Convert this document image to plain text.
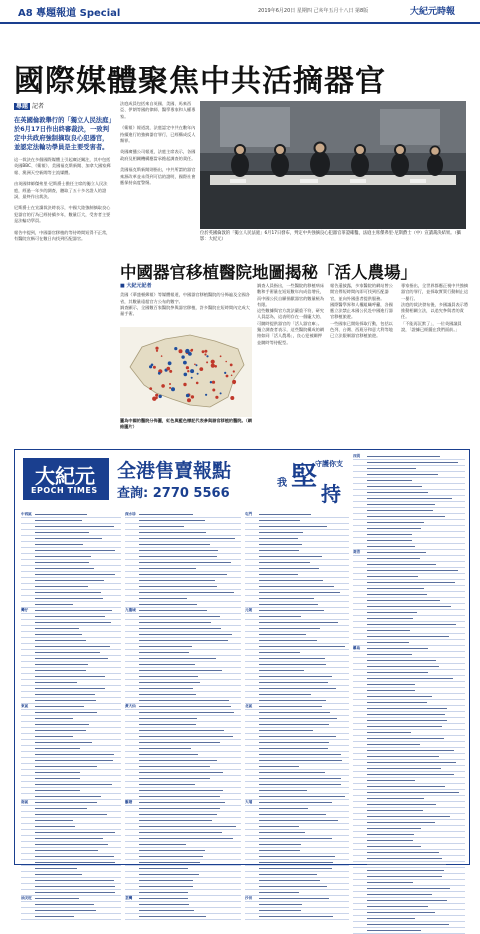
A8 專題報道 Special	2019年6月20日 星期四 己亥年五月十八日 第8版	大紀元時報
國際媒體聚焦中共活摘器官
專題 記者
在英國倫敦舉行的「獨立人民法庭」於6月17日作出終審裁決，一致判定中共政府強制摘取良心犯器官，並認定法輪功學員是主要受害者。
這一裁決在多個國際媒體上引起廣泛關注，其中包括英國BBC、《衛報》、美國福克斯新聞、加拿大國家郵報、澳洲天空新聞等主流媒體。
由英國律師傑弗里·尼斯爵士擔任主席的獨立人民法庭，經過一年多的調查，聽取了五十多名證人的證詞，最終作出裁決。
尼斯爵士在宣讀裁決時表示，中國大陸強制摘取良心犯器官的行為已經持續多年，數量巨大，受害者主要是法輪功學員。
報告中提到，中國器官移植的等待時間短得不正常，有醫院宣稱可在數日內找到匹配器官。
法庭成員包括來自英國、美國、馬來西亞、伊朗等國的律師、醫學專家和人權專家。
《衛報》報道說，法庭認定中共在數年內持續進行的強摘器官罪行，已經構成反人類罪。
英國廣播公司報道，法庭主席表示，各國政府及相關機構應當承擔起調查的責任。
美國福克斯新聞則指出，中共所謂的器官來源改革並未得到可信的證明，國際社會應保持高度警惕。
位於英國倫敦的「獨立人民法庭」6月17日發布，判定中共強摘良心犯器官罪證確鑿，法庭主席傑弗里·尼斯爵士（中）宣讀裁決結果。（攝影：大紀元）
中國器官移植醫院地圖揭秘「活人農場」
■ 大紀元記者
美國《華盛頓郵報》等媒體報道，中國器官移植醫院的分佈遍及全國各省，其數量遠超官方公布的數字。
調查顯示，全國數百家醫院參與器官移植，許多醫院在短時間內完成大量手術。
調查人員指出，一些醫院的移植病床數和手術量在短短數年內成倍增長，而中國公民自願捐獻器官的數量極為有限。
這些數據與官方說法嚴重不符，研究人員認為，這表明存在一個龐大的、可隨時提供器官的「活人器官庫」。
獨立調查者表示，這些醫院構成的網絡如同「活人農場」，良心犯被關押並隨時等待配型。
報告還披露，多家醫院的網站曾公開宣傳短時間內即可找到匹配器官，並向外國患者提供服務。
國際醫學界和人權組織呼籲，各國應立法禁止本國公民赴中國進行器官移植旅遊。
一些國家已開始採取行動，包括以色列、台灣、西班牙和意大利等地已立法限制器官移植旅遊。
專家指出，全世界都應正視中共強摘器官的罪行，並採取實質行動制止這一暴行。
法庭的裁決發布後，多國議員表示將推動相關立法，以追究參與者的責任。
「不能再沉默了」，一位英國議員說，「證據已經擺在我們面前。」
圖為中國的醫院分佈圖，紅色與藍色標記代表參與器官移植的醫院。（網絡圖片）
大紀元
EPOCH TIMES
全港售賣報點
查詢: 2770 5566
我 堅
守護你支
持
中西區
灣仔
東區
南區
油尖旺
深水埗
九龍城
黃大仙
觀塘
荃灣
屯門
元朗
北區
大埔
沙田
西貢
葵青
離島
